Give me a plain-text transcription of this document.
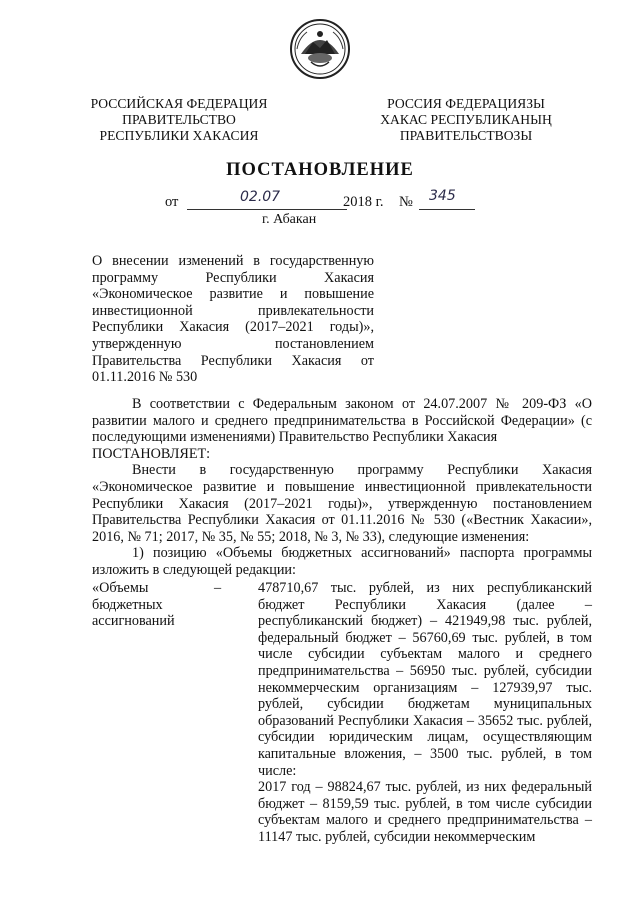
РОССИЙСКАЯ ФЕДЕРАЦИЯ
ПРАВИТЕЛЬСТВО
РЕСПУБЛИКИ ХАКАСИЯ
РОССИЯ ФЕДЕРАЦИЯЗЫ
ХАКАС РЕСПУБЛИКАНЫҢ
ПРАВИТЕЛЬСТВОЗЫ
ПОСТАНОВЛЕНИЕ
от	02.07	2018 г. № 345
г. Абакан
О внесении изменений в государственную программу Республики Хакасия «Экономическое развитие и повышение инвестиционной привлекательности Республики Хакасия (2017–2021 годы)», утвержденную постановлением Правительства Республики Хакасия от 01.11.2016 № 530

В соответствии с Федеральным законом от 24.07.2007 № 209-ФЗ «О развитии малого и среднего предпринимательства в Российской Федерации» (с последующими изменениями) Правительство Республики Хакасия

ПОСТАНОВЛЯЕТ:

Внести в государственную программу Республики Хакасия «Экономическое развитие и повышение инвестиционной привлекательности Республики Хакасия (2017–2021 годы)», утвержденную постановлением Правительства Республики Хакасия от 01.11.2016 № 530 («Вестник Хакасии», 2016, № 71; 2017, № 35, № 55; 2018, № 3, № 33), следующие изменения:

1) позицию «Объемы бюджетных ассигнований» паспорта программы изложить в следующей редакции:

«Объемы
бюджетных
ассигнований
–	478710,67 тыс. рублей, из них республиканский бюджет Республики Хакасия (далее – республиканский бюджет) – 421949,98 тыс. рублей, федеральный бюджет – 56760,69 тыс. рублей, в том числе субсидии субъектам малого и среднего предпринимательства – 56950 тыс. рублей, субсидии некоммерческим организациям – 127939,97 тыс. рублей, субсидии бюджетам муниципальных образований Республики Хакасия – 35652 тыс. рублей, субсидии юридическим лицам, осуществляющим капитальные вложения, – 3500 тыс. рублей, в том числе:

2017 год – 98824,67 тыс. рублей, из них федеральный бюджет – 8159,59 тыс. рублей, в том числе субсидии субъектам малого и среднего предпринимательства – 11147 тыс. рублей, субсидии некоммерческим
